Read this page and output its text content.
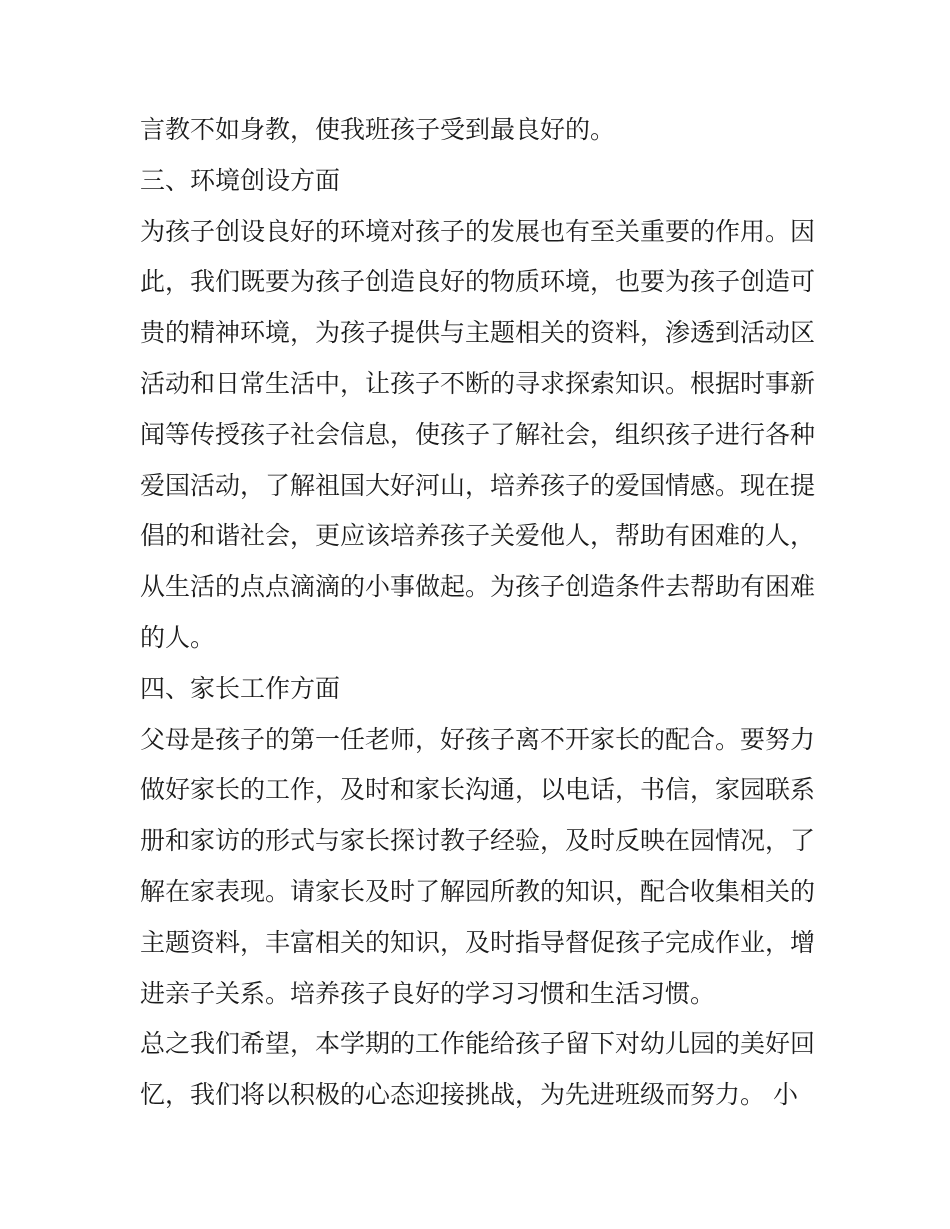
言教不如身教，使我班孩子受到最良好的。
三、环境创设方面
为孩子创设良好的环境对孩子的发展也有至关重要的作用。因
此，我们既要为孩子创造良好的物质环境，也要为孩子创造可
贵的精神环境，为孩子提供与主题相关的资料，渗透到活动区
活动和日常生活中，让孩子不断的寻求探索知识。根据时事新
闻等传授孩子社会信息，使孩子了解社会，组织孩子进行各种
爱国活动，了解祖国大好河山，培养孩子的爱国情感。现在提
倡的和谐社会，更应该培养孩子关爱他人，帮助有困难的人，
从生活的点点滴滴的小事做起。为孩子创造条件去帮助有困难
的人。
四、家长工作方面
父母是孩子的第一任老师，好孩子离不开家长的配合。要努力
做好家长的工作，及时和家长沟通，以电话，书信，家园联系
册和家访的形式与家长探讨教子经验，及时反映在园情况，了
解在家表现。请家长及时了解园所教的知识，配合收集相关的
主题资料，丰富相关的知识，及时指导督促孩子完成作业，增
进亲子关系。培养孩子良好的学习习惯和生活习惯。
总之我们希望，本学期的工作能给孩子留下对幼儿园的美好回
忆，我们将以积极的心态迎接挑战，为先进班级而努力。 小
